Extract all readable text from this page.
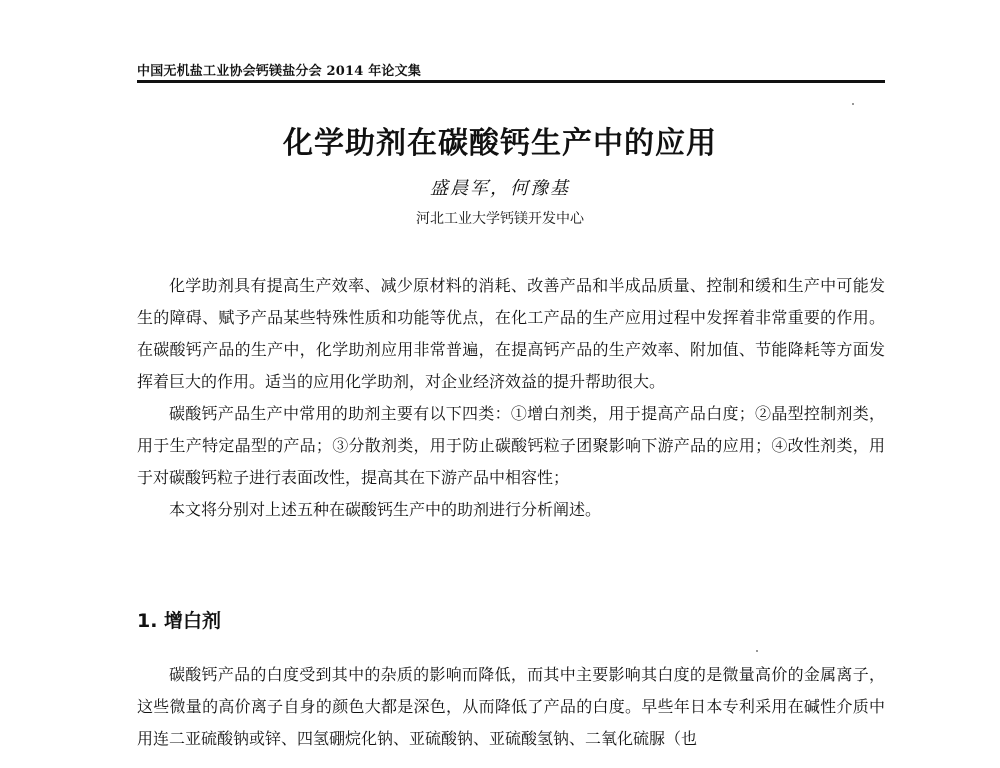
中国无机盐工业协会钙镁盐分会 2014 年论文集
化学助剂在碳酸钙生产中的应用
盛晨军，何豫基
河北工业大学钙镁开发中心

化学助剂具有提高生产效率、减少原材料的消耗、改善产品和半成品质量、控制和缓和生产中可能发生的障碍、赋予产品某些特殊性质和功能等优点，在化工产品的生产应用过程中发挥着非常重要的作用。在碳酸钙产品的生产中，化学助剂应用非常普遍，在提高钙产品的生产效率、附加值、节能降耗等方面发挥着巨大的作用。适当的应用化学助剂，对企业经济效益的提升帮助很大。

碳酸钙产品生产中常用的助剂主要有以下四类：①增白剂类，用于提高产品白度；②晶型控制剂类，用于生产特定晶型的产品；③分散剂类，用于防止碳酸钙粒子团聚影响下游产品的应用；④改性剂类，用于对碳酸钙粒子进行表面改性，提高其在下游产品中相容性；

本文将分别对上述五种在碳酸钙生产中的助剂进行分析阐述。

1. 增白剂

碳酸钙产品的白度受到其中的杂质的影响而降低，而其中主要影响其白度的是微量高价的金属离子，这些微量的高价离子自身的颜色大都是深色，从而降低了产品的白度。早些年日本专利采用在碱性介质中用连二亚硫酸钠或锌、四氢硼烷化钠、亚硫酸钠、亚硫酸氢钠、二氧化硫脲（也
